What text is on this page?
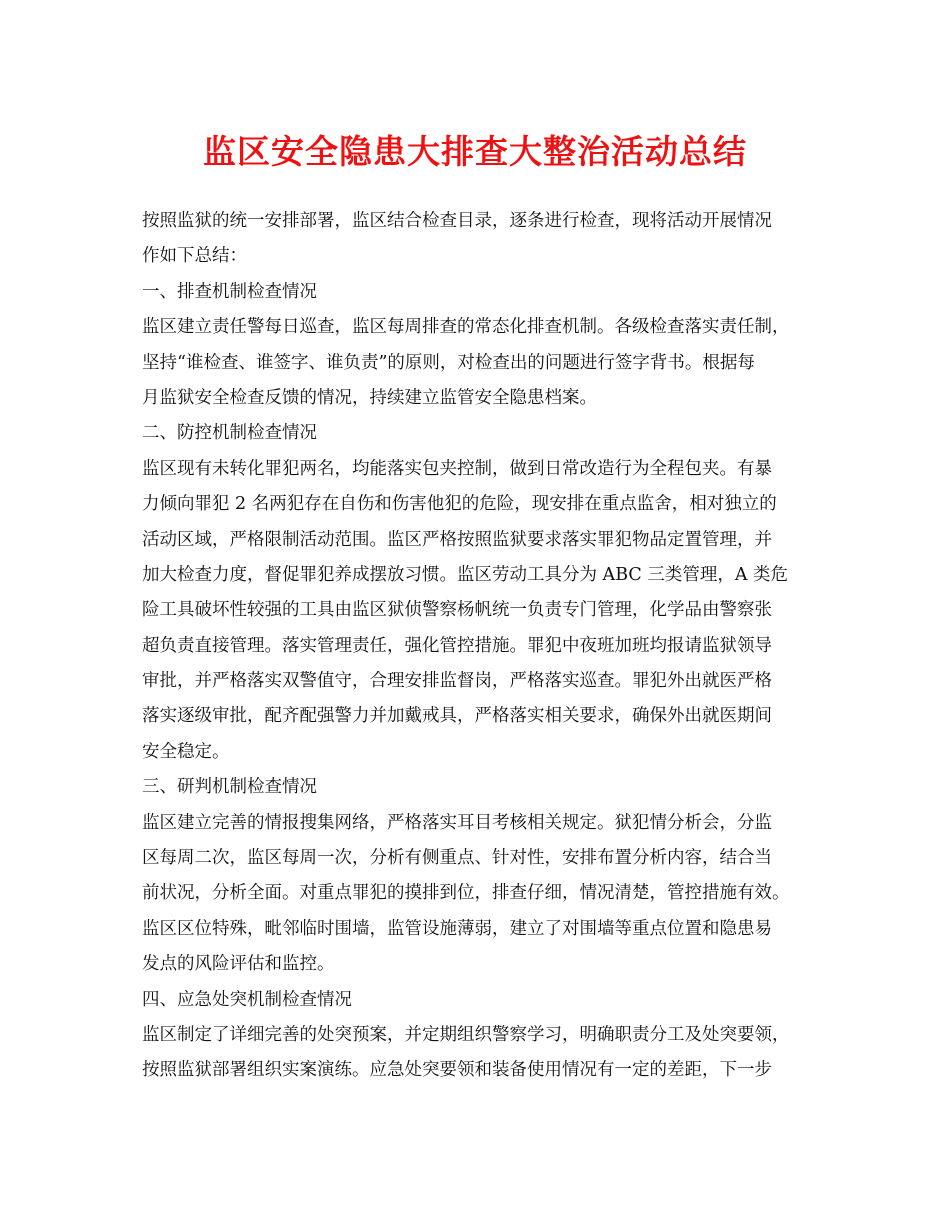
监区安全隐患大排查大整治活动总结
按照监狱的统一安排部署，监区结合检查目录，逐条进行检查，现将活动开展情况
作如下总结：
一、排查机制检查情况
监区建立责任警每日巡查，监区每周排查的常态化排查机制。各级检查落实责任制，
坚持“谁检查、谁签字、谁负责”的原则，对检查出的问题进行签字背书。根据每
月监狱安全检查反馈的情况，持续建立监管安全隐患档案。
二、防控机制检查情况
监区现有未转化罪犯两名，均能落实包夹控制，做到日常改造行为全程包夹。有暴
力倾向罪犯 2 名两犯存在自伤和伤害他犯的危险，现安排在重点监舍，相对独立的
活动区域，严格限制活动范围。监区严格按照监狱要求落实罪犯物品定置管理，并
加大检查力度，督促罪犯养成摆放习惯。监区劳动工具分为 ABC 三类管理，A 类危
险工具破坏性较强的工具由监区狱侦警察杨帆统一负责专门管理，化学品由警察张
超负责直接管理。落实管理责任，强化管控措施。罪犯中夜班加班均报请监狱领导
审批，并严格落实双警值守，合理安排监督岗，严格落实巡查。罪犯外出就医严格
落实逐级审批，配齐配强警力并加戴戒具，严格落实相关要求，确保外出就医期间
安全稳定。
三、研判机制检查情况
监区建立完善的情报搜集网络，严格落实耳目考核相关规定。狱犯情分析会，分监
区每周二次，监区每周一次，分析有侧重点、针对性，安排布置分析内容，结合当
前状况，分析全面。对重点罪犯的摸排到位，排查仔细，情况清楚，管控措施有效。
监区区位特殊，毗邻临时围墙，监管设施薄弱，建立了对围墙等重点位置和隐患易
发点的风险评估和监控。
四、应急处突机制检查情况
监区制定了详细完善的处突预案，并定期组织警察学习，明确职责分工及处突要领，
按照监狱部署组织实案演练。应急处突要领和装备使用情况有一定的差距，下一步
